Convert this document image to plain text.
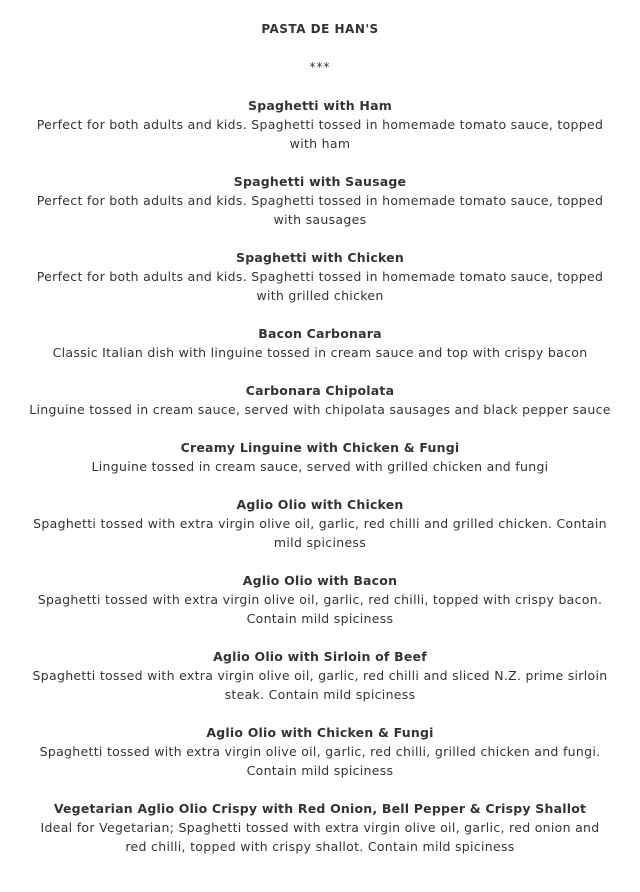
PASTA DE HAN'S
***
Spaghetti with Ham
Perfect for both adults and kids. Spaghetti tossed in homemade tomato sauce, topped with ham
Spaghetti with Sausage
Perfect for both adults and kids. Spaghetti tossed in homemade tomato sauce, topped with sausages
Spaghetti with Chicken
Perfect for both adults and kids. Spaghetti tossed in homemade tomato sauce, topped with grilled chicken
Bacon Carbonara
Classic Italian dish with linguine tossed in cream sauce and top with crispy bacon
Carbonara Chipolata
Linguine tossed in cream sauce, served with chipolata sausages and black pepper sauce
Creamy Linguine with Chicken & Fungi
Linguine tossed in cream sauce, served with grilled chicken and fungi
Aglio Olio with Chicken
Spaghetti tossed with extra virgin olive oil, garlic, red chilli and grilled chicken. Contain mild spiciness
Aglio Olio with Bacon
Spaghetti tossed with extra virgin olive oil, garlic, red chilli, topped with crispy bacon. Contain mild spiciness
Aglio Olio with Sirloin of Beef
Spaghetti tossed with extra virgin olive oil, garlic, red chilli and sliced N.Z. prime sirloin steak. Contain mild spiciness
Aglio Olio with Chicken & Fungi
Spaghetti tossed with extra virgin olive oil, garlic, red chilli, grilled chicken and fungi. Contain mild spiciness
Vegetarian Aglio Olio Crispy with Red Onion, Bell Pepper & Crispy Shallot
Ideal for Vegetarian; Spaghetti tossed with extra virgin olive oil, garlic, red onion and red chilli, topped with crispy shallot. Contain mild spiciness
